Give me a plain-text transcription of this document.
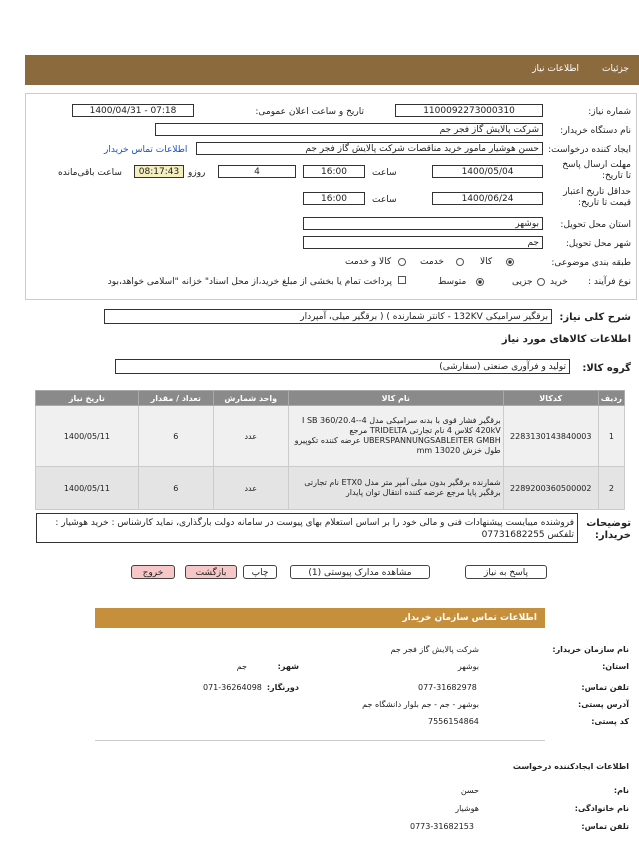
جزئیات
اطلاعات نیاز
شماره نیاز:
1100092273000310
تاریخ و ساعت اعلان عمومی:
1400/04/31 - 07:18
نام دستگاه خریدار:
شرکت پالایش گاز فجر جم
ایجاد کننده درخواست:
حسن هوشیار مامور خرید مناقصات شرکت پالایش گاز فجر جم
اطلاعات تماس خریدار
مهلت ارسال پاسخ تا تاریخ:
1400/05/04
ساعت
16:00
4
روزو
08:17:43
ساعت باقی‌مانده
حداقل تاریخ اعتبار قیمت تا تاریخ:
1400/06/24
ساعت
16:00
استان محل تحویل:
بوشهر
شهر محل تحویل:
جم
طبقه بندی موضوعی:
کالا
خدمت
کالا و خدمت
نوع فرآیند :
خرید
جزیی
متوسط
پرداخت تمام یا بخشی از مبلغ خرید،از محل اسناد" خزانه "اسلامی خواهد،بود
شرح کلی نیاز:
برقگیر سرامیکی 132KV - کانتر شمارنده ) ( برقگیر میلی، آمپردار
اطلاعات کالاهای مورد نیاز
گروه کالا:
تولید و فرآوری صنعتی (سفارشی)
ردیف	کدکالا	نام کالا	واحد شمارش	تعداد / مقدار	تاریخ نیاز
1	2283130143840003	برقگیر فشار قوی با بدنه سرامیکی مدل 4-I SB 360/20.4-420kV کلاس 4 نام تجارتی TRIDELTA مرجع UBERSPANNUNGSABLEITER GMBH عرضه کننده تکوپیرو طول خزش 13020 mm	عدد	6	1400/05/11
2	2289200360500002	شمارنده برقگیر بدون میلی آمپر متر مدل ETX0 نام تجارتی برقگیر پایا مرجع عرضه کننده انتقال توان پایدار	عدد	6	1400/05/11
توضیحات خریدار:
فروشنده میبایست پیشنهادات فنی و مالی خود را بر اساس استعلام بهای پیوست در سامانه دولت بارگذاری، نماید کارشناس : خرید هوشیار : تلفکس 07731682255
پاسخ به نیاز
مشاهده مدارک پیوستی (1)
چاپ
بازگشت
خروج
اطلاعات تماس سازمان خریدار
نام سازمان خریدار:
شرکت پالایش گاز فجر جم
استان:
بوشهر
شهر:
جم
تلفن تماس:
077-31682978
دورنگار:
071-36264098
آدرس پستی:
بوشهر - جم - جم بلوار دانشگاه جم
کد پستی:
7556154864
اطلاعات ایجادکننده درخواست
نام:
حسن
نام خانوادگی:
هوشیار
تلفن تماس:
0773-31682153
